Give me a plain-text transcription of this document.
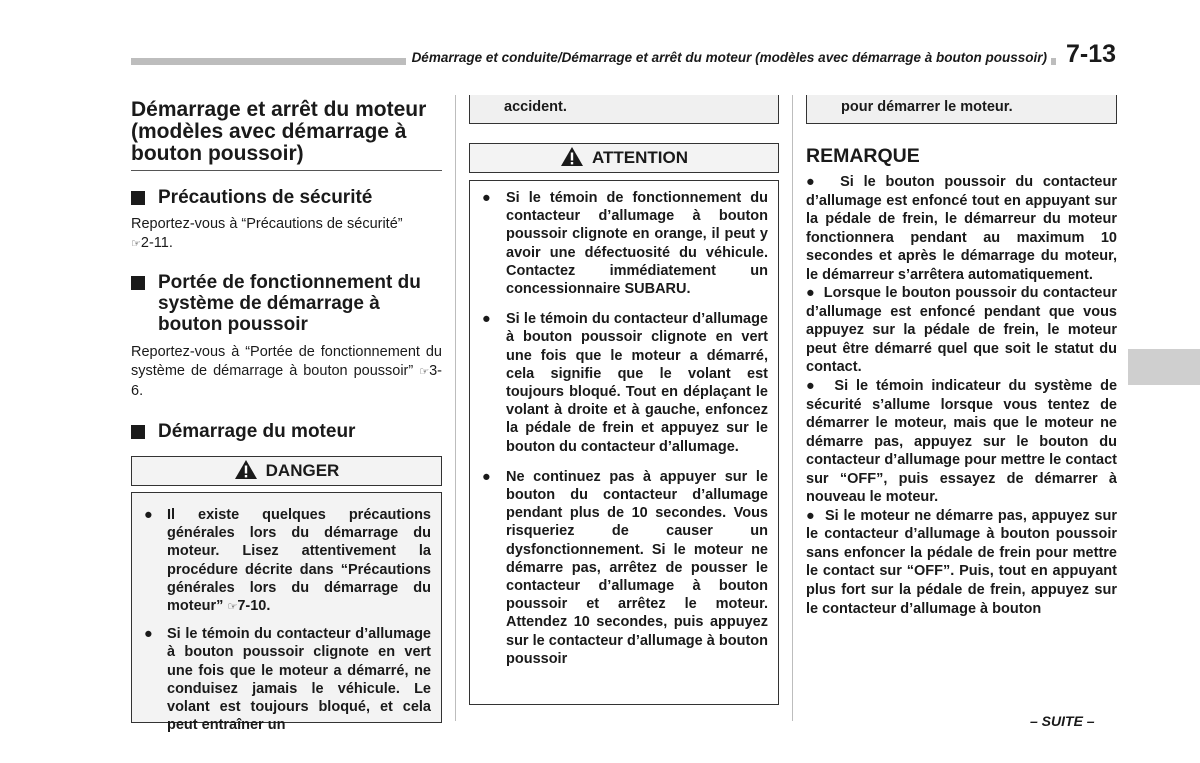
Démarrage et conduite/Démarrage et arrêt du moteur (modèles avec démarrage à bouton poussoir) 7-13
Démarrage et arrêt du moteur (modèles avec démarrage à bouton poussoir)
Précautions de sécurité

Reportez-vous à “Précautions de sécurité”
☞2-11.

Portée de fonctionnement du système de démarrage à bouton poussoir

Reportez-vous à “Portée de fonctionnement du système de démarrage à bouton poussoir” ☞3-6.

Démarrage du moteur
DANGER
● Il existe quelques précautions générales lors du démarrage du moteur. Lisez attentivement la procédure décrite dans “Précautions générales lors du démarrage du moteur” ☞7-10.
● Si le témoin du contacteur d’allumage à bouton poussoir clignote en vert une fois que le moteur a démarré, ne conduisez jamais le véhicule. Le volant est toujours bloqué, et cela peut entraîner un
accident.
ATTENTION
● Si le témoin de fonctionnement du contacteur d’allumage à bouton poussoir clignote en orange, il peut y avoir une défectuosité du véhicule. Contactez immédiatement un concessionnaire SUBARU.
● Si le témoin du contacteur d’allumage à bouton poussoir clignote en vert une fois que le moteur a démarré, cela signifie que le volant est toujours bloqué. Tout en déplaçant le volant à droite et à gauche, enfoncez la pédale de frein et appuyez sur le bouton du contacteur d’allumage.
● Ne continuez pas à appuyer sur le bouton du contacteur d’allumage pendant plus de 10 secondes. Vous risqueriez de causer un dysfonctionnement. Si le moteur ne démarre pas, arrêtez de pousser le contacteur d’allumage à bouton poussoir et arrêtez le moteur. Attendez 10 secondes, puis appuyez sur le contacteur d’allumage à bouton poussoir
pour démarrer le moteur.
REMARQUE

● Si le bouton poussoir du contacteur d’allumage est enfoncé tout en appuyant sur la pédale de frein, le démarreur du moteur fonctionnera pendant au maximum 10 secondes et après le démarrage du moteur, le démarreur s’arrêtera automatiquement.

● Lorsque le bouton poussoir du contacteur d’allumage est enfoncé pendant que vous appuyez sur la pédale de frein, le moteur peut être démarré quel que soit le statut du contact.

● Si le témoin indicateur du système de sécurité s’allume lorsque vous tentez de démarrer le moteur, mais que le moteur ne démarre pas, appuyez sur le bouton du contacteur d’allumage pour mettre le contact sur “OFF”, puis essayez de démarrer à nouveau le moteur.

● Si le moteur ne démarre pas, appuyez sur le contacteur d’allumage à bouton poussoir sans enfoncer la pédale de frein pour mettre le contact sur “OFF”. Puis, tout en appuyant plus fort sur la pédale de frein, appuyez sur le contacteur d’allumage à bouton

– SUITE –
